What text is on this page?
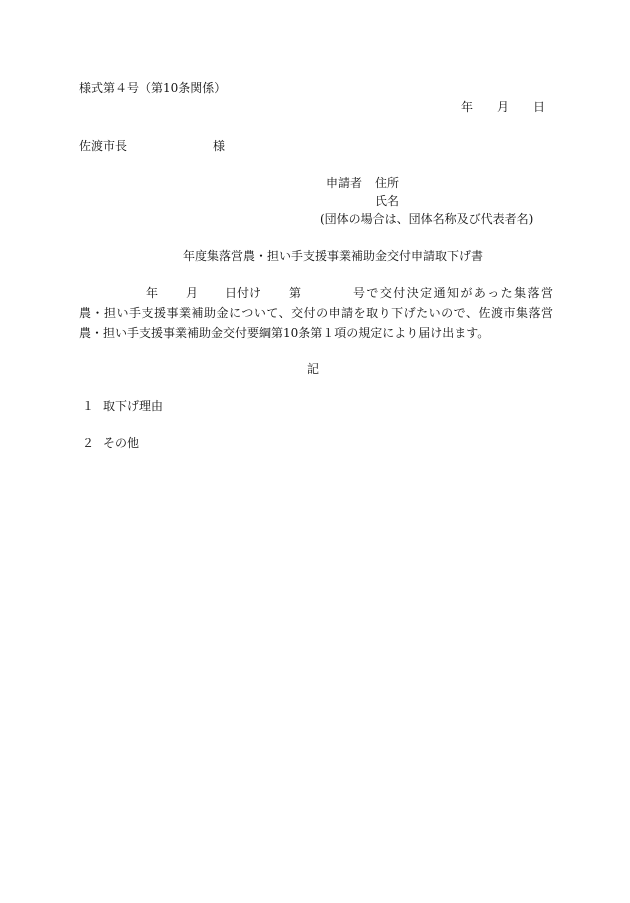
様式第４号（第10条関係）
年 月 日
佐渡市長	様
申請者 住所
氏名
(団体の場合は、団体名称及び代表者名)
年度集落営農・担い手支援事業補助金交付申請取下げ書
年 月 日付け 第	号で交付決定通知があった集落営
農・担い手支援事業補助金について、交付の申請を取り下げたいので、佐渡市集落営
農・担い手支援事業補助金交付要綱第10条第１項の規定により届け出ます。
記
１ 取下げ理由
２ その他
